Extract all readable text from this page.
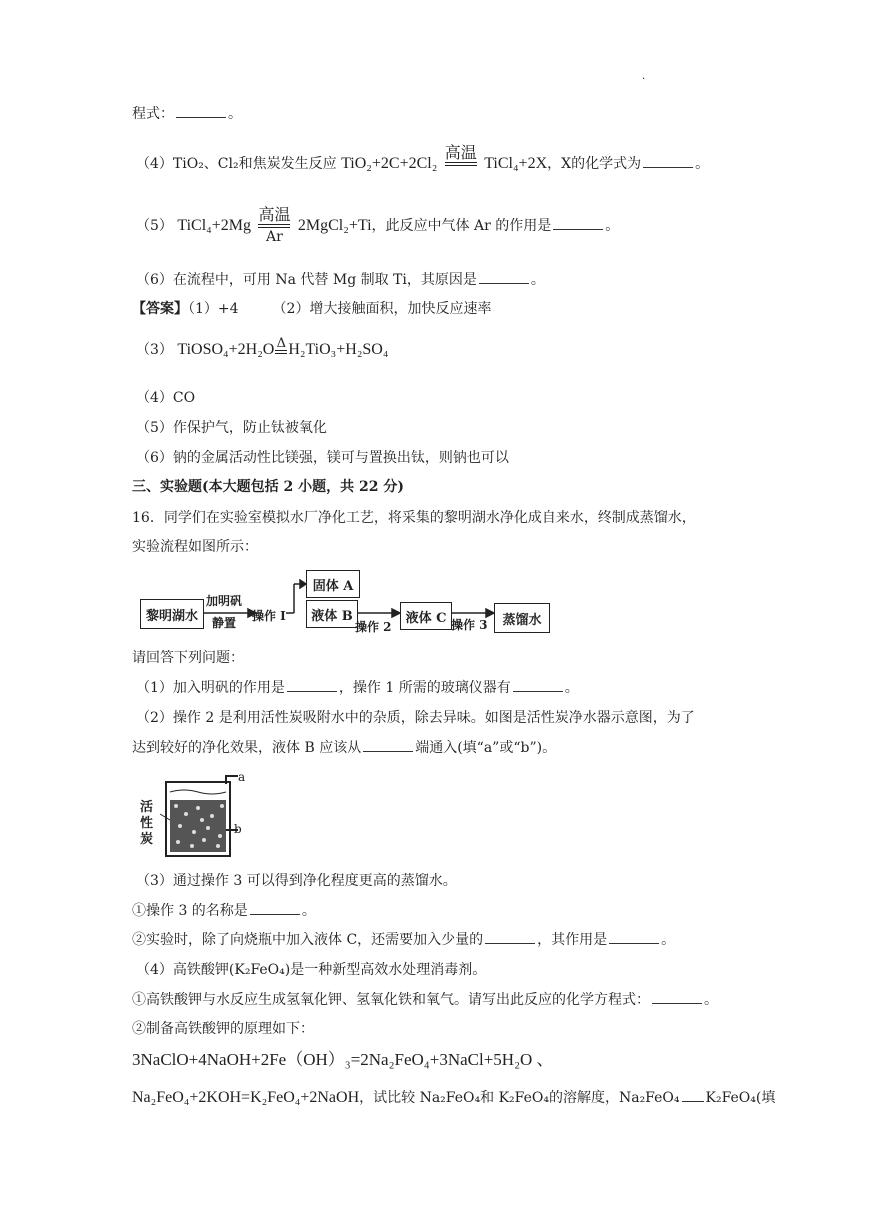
·
程式：	。
（4）TiO₂、Cl₂和焦炭发生反应 TiO₂+2C+2Cl₂
高温

TiCl₄+2X，X的化学式为	。
（5） TiCl₄+2Mg
高温
Ar
2MgCl₂+Ti，此反应中气体 Ar 的作用是	。
（6）在流程中，可用 Na 代替 Mg 制取 Ti，其原因是	。
【答案】（1）+4 （2）增大接触面积，加快反应速率
（3） TiOSO₄+2H₂O Δ
H₂TiO₃+H₂SO₄
（4）CO
（5）作保护气，防止钛被氧化
（6）钠的金属活动性比镁强，镁可与置换出钛，则钠也可以
三、实验题(本大题包括 2 小题，共 22 分)
16．同学们在实验室模拟水厂净化工艺，将采集的黎明湖水净化成自来水，终制成蒸馏水，
实验流程如图所示：
黎明湖水
加明矾
静置 操作 I
固体 A
液体 B
操作 2
液体 C 操作 3	蒸馏水
请回答下列问题：
（1）加入明矾的作用是	，操作 1 所需的玻璃仪器有	。
（2）操作 2 是利用活性炭吸附水中的杂质，除去异味。如图是活性炭净水器示意图，为了
达到较好的净化效果，液体 B 应该从	端通入(填“a”或“b”)。
活
性
炭
a
b
（3）通过操作 3 可以得到净化程度更高的蒸馏水。
①操作 3 的名称是	。
②实验时，除了向烧瓶中加入液体 C，还需要加入少量的	，其作用是	。
（4）高铁酸钾(K₂FeO₄)是一种新型高效水处理消毒剂。
①高铁酸钾与水反应生成氢氧化钾、氢氧化铁和氧气。请写出此反应的化学方程式：	。
②制备高铁酸钾的原理如下：
3NaClO+4NaOH+2Fe（OH）₃=2Na₂FeO₄+3NaCl+5H₂O 、
Na₂FeO₄+2KOH=K₂FeO₄+2NaOH，试比较 Na₂FeO₄和 K₂FeO₄的溶解度，Na₂FeO₄ K₂FeO₄(填
